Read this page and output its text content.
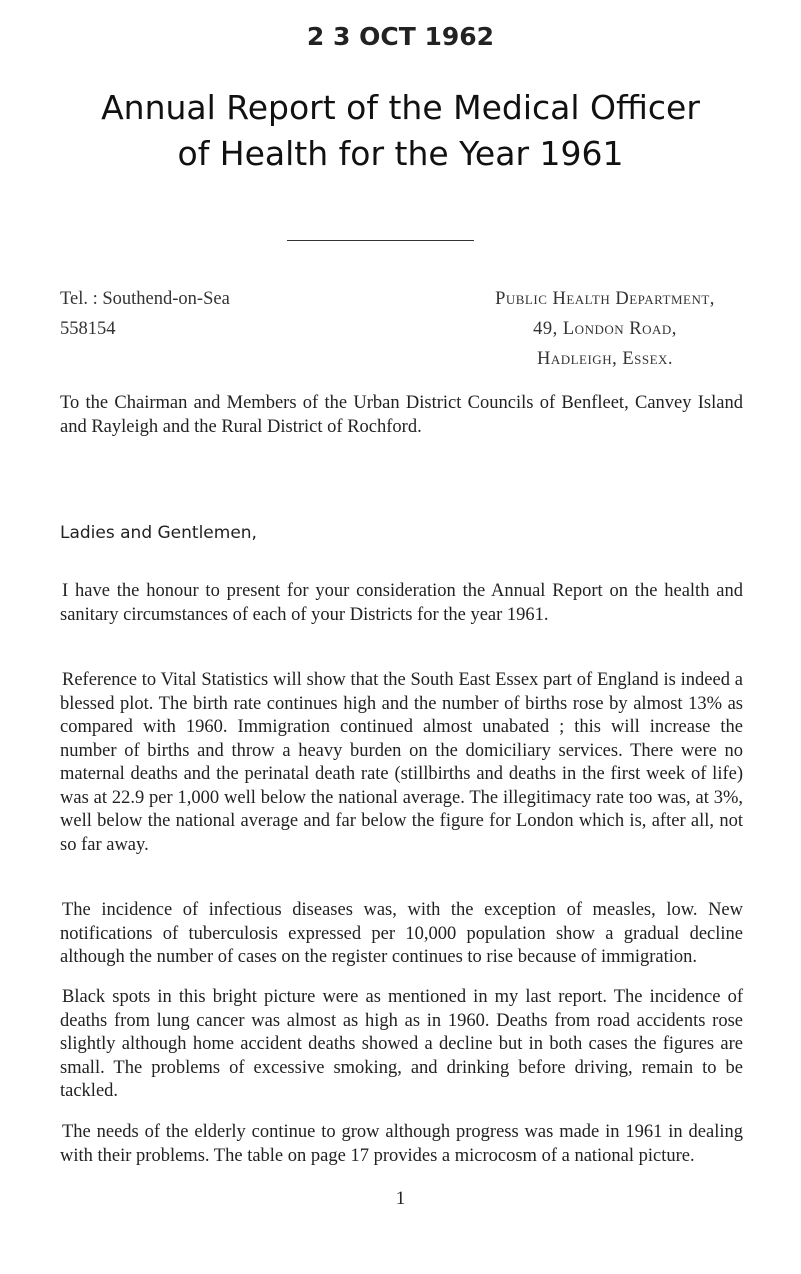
2 3 OCT 1962
Annual Report of the Medical Officer
of Health for the Year 1961
Tel. : Southend-on-Sea
558154
Public Health Department,
49, London Road,
Hadleigh, Essex.
To the Chairman and Members of the Urban District Councils of Benfleet, Canvey Island and Rayleigh and the Rural District of Rochford.
Ladies and Gentlemen,
I have the honour to present for your consideration the Annual Report on the health and sanitary circumstances of each of your Districts for the year 1961.
Reference to Vital Statistics will show that the South East Essex part of England is indeed a blessed plot. The birth rate continues high and the number of births rose by almost 13% as compared with 1960. Immigration continued almost unabated ; this will increase the number of births and throw a heavy burden on the domiciliary services. There were no maternal deaths and the perinatal death rate (stillbirths and deaths in the first week of life) was at 22.9 per 1,000 well below the national average. The illegitimacy rate too was, at 3%, well below the national average and far below the figure for London which is, after all, not so far away.
The incidence of infectious diseases was, with the exception of measles, low. New notifications of tuberculosis expressed per 10,000 population show a gradual decline although the number of cases on the register continues to rise because of immigration.
Black spots in this bright picture were as mentioned in my last report. The incidence of deaths from lung cancer was almost as high as in 1960. Deaths from road accidents rose slightly although home accident deaths showed a decline but in both cases the figures are small. The problems of excessive smoking, and drinking before driving, remain to be tackled.
The needs of the elderly continue to grow although progress was made in 1961 in dealing with their problems. The table on page 17 provides a microcosm of a national picture.
1
